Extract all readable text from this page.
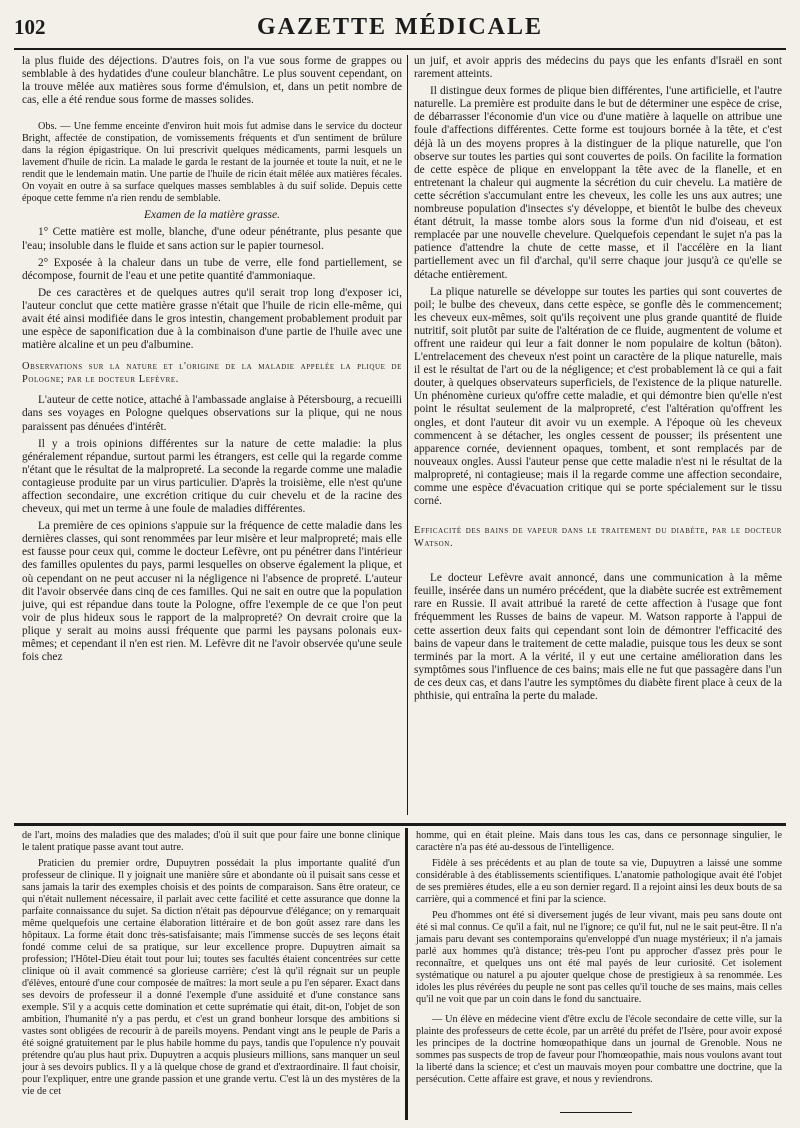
102	GAZETTE MÉDICALE

la plus fluide des déjections. D'autres fois, on l'a vue sous forme de grappes ou semblable à des hydatides d'une couleur blanchâtre. Le plus souvent cependant, on la trouve mêlée aux matières sous forme d'émulsion, et, dans un petit nombre de cas, elle a été rendue sous forme de masses solides.

Obs. — Une femme enceinte d'environ huit mois fut admise dans le service du docteur Bright, affectée de constipation, de vomissements fréquents et d'un sentiment de brûlure dans la région épigastrique. On lui prescrivit quelques médicaments, parmi lesquels un lavement d'huile de ricin. La malade le garda le restant de la journée et toute la nuit, et ne le rendit que le lendemain matin. Une partie de l'huile de ricin était mêlée aux matières fécales. On voyait en outre à sa surface quelques masses semblables à du suif solide. Depuis cette époque cette femme n'a rien rendu de semblable.

Examen de la matière grasse.

1° Cette matière est molle, blanche, d'une odeur pénétrante, plus pesante que l'eau; insoluble dans le fluide et sans action sur le papier tournesol.

2° Exposée à la chaleur dans un tube de verre, elle fond partiellement, se décompose, fournit de l'eau et une petite quantité d'ammoniaque.

De ces caractères et de quelques autres qu'il serait trop long d'exposer ici, l'auteur conclut que cette matière grasse n'était que l'huile de ricin elle-même, qui avait été ainsi modifiée dans le gros intestin, changement probablement produit par une espèce de saponification due à la combinaison d'une partie de l'huile avec une matière alcaline et un peu d'albumine.

Observations sur la nature et l'origine de la maladie appelée la plique de Pologne; par le docteur Lefèvre.

L'auteur de cette notice, attaché à l'ambassade anglaise à Pétersbourg, a recueilli dans ses voyages en Pologne quelques observations sur la plique, qui ne nous paraissent pas dénuées d'intérêt.

Il y a trois opinions différentes sur la nature de cette maladie: la plus généralement répandue, surtout parmi les étrangers, est celle qui la regarde comme n'étant que le résultat de la malpropreté. La seconde la regarde comme une maladie contagieuse produite par un virus particulier. D'après la troisième, elle n'est qu'une affection secondaire, une excrétion critique du cuir chevelu et de la racine des cheveux, qui met un terme à une foule de maladies différentes.

La première de ces opinions s'appuie sur la fréquence de cette maladie dans les dernières classes, qui sont renommées par leur misère et leur malpropreté; mais elle est fausse pour ceux qui, comme le docteur Lefèvre, ont pu pénétrer dans l'intérieur des familles opulentes du pays, parmi lesquelles on observe également la plique, et où cependant on ne peut accuser ni la négligence ni l'absence de propreté. L'auteur dit l'avoir observée dans cinq de ces familles. Qui ne sait en outre que la population juive, qui est répandue dans toute la Pologne, offre l'exemple de ce que l'on peut voir de plus hideux sous le rapport de la malpropreté? On devrait croire que la plique y serait au moins aussi fréquente que parmi les paysans polonais eux-mêmes; et cependant il n'en est rien. M. Lefèvre dit ne l'avoir observée qu'une seule fois chez

un juif, et avoir appris des médecins du pays que les enfants d'Israël en sont rarement atteints.

Il distingue deux formes de plique bien différentes, l'une artificielle, et l'autre naturelle. La première est produite dans le but de déterminer une espèce de crise, de débarrasser l'économie d'un vice ou d'une matière à laquelle on attribue une foule d'affections différentes. Cette forme est toujours bornée à la tête, et c'est déjà là un des moyens propres à la distinguer de la plique naturelle, que l'on observe sur toutes les parties qui sont couvertes de poils. On facilite la formation de cette espèce de plique en enveloppant la tête avec de la flanelle, et en entretenant la chaleur qui augmente la sécrétion du cuir chevelu. La matière de cette sécrétion s'accumulant entre les cheveux, les colle les uns aux autres; une nombreuse population d'insectes s'y développe, et bientôt le bulbe des cheveux étant détruit, la masse tombe alors sous la forme d'un nid d'oiseau, et est remplacée par une nouvelle chevelure. Quelquefois cependant le sujet n'a pas la patience d'attendre la chute de cette masse, et il l'accélère en la liant partiellement avec un fil d'archal, qu'il serre chaque jour jusqu'à ce qu'elle se détache entièrement.

La plique naturelle se développe sur toutes les parties qui sont couvertes de poil; le bulbe des cheveux, dans cette espèce, se gonfle dès le commencement; les cheveux eux-mêmes, soit qu'ils reçoivent une plus grande quantité de fluide nutritif, soit plutôt par suite de l'altération de ce fluide, augmentent de volume et offrent une raideur qui leur a fait donner le nom populaire de koltun (bâton). L'entrelacement des cheveux n'est point un caractère de la plique naturelle, mais il est le résultat de l'art ou de la négligence; et c'est probablement là ce qui a fait douter, à quelques observateurs superficiels, de l'existence de la plique naturelle. Un phénomène curieux qu'offre cette maladie, et qui démontre bien qu'elle n'est point le résultat seulement de la malpropreté, c'est l'altération qu'offrent les ongles, et dont l'auteur dit avoir vu un exemple. A l'époque où les cheveux commencent à se détacher, les ongles cessent de pousser; ils présentent une apparence cornée, deviennent opaques, tombent, et sont remplacés par de nouveaux ongles. Aussi l'auteur pense que cette maladie n'est ni le résultat de la malpropreté, ni contagieuse; mais il la regarde comme une affection secondaire, comme une espèce d'évacuation critique qui se porte spécialement sur le tissu corné.

Efficacité des bains de vapeur dans le traitement du diabète, par le docteur Watson.

Le docteur Lefèvre avait annoncé, dans une communication à la même feuille, insérée dans un numéro précédent, que la diabète sucrée est extrêmement rare en Russie. Il avait attribué la rareté de cette affection à l'usage que font fréquemment les Russes de bains de vapeur. M. Watson rapporte à l'appui de cette assertion deux faits qui cependant sont loin de démontrer l'efficacité des bains de vapeur dans le traitement de cette maladie, puisque tous les deux se sont terminés par la mort. A la vérité, il y eut une certaine amélioration dans les symptômes sous l'influence de ces bains; mais elle ne fut que passagère dans l'un de ces deux cas, et dans l'autre les symptômes du diabète firent place à ceux de la phthisie, qui entraîna la perte du malade.

de l'art, moins des maladies que des malades; d'où il suit que pour faire une bonne clinique le talent pratique passe avant tout autre.

Praticien du premier ordre, Dupuytren possédait la plus importante qualité d'un professeur de clinique. Il y joignait une manière sûre et abondante où il puisait sans cesse et sans jamais la tarir des exemples choisis et des points de comparaison. Sans être orateur, ce qui n'était nullement nécessaire, il parlait avec cette facilité et cette assurance que donne la parfaite connaissance du sujet. Sa diction n'était pas dépourvue d'élégance; on y remarquait même quelquefois une certaine élaboration littéraire et de bon goût assez rare dans les hôpitaux. La forme était donc très-satisfaisante; mais l'immense succès de ses leçons était fondé comme celui de sa pratique, sur leur excellence propre. Dupuytren aimait sa profession; l'Hôtel-Dieu était tout pour lui; toutes ses facultés étaient concentrées sur cette clinique où il avait commencé sa glorieuse carrière; c'est là qu'il régnait sur un peuple d'élèves, entouré d'une cour composée de maîtres: la mort seule a pu l'en séparer. Exact dans ses devoirs de professeur il a donné l'exemple d'une assiduité et d'une constance sans exemple. S'il y a acquis cette domination et cette suprématie qui était, dit-on, l'objet de son ambition, l'humanité n'y a pas perdu, et c'est un grand bonheur lorsque des ambitions si vastes sont obligées de recourir à de pareils moyens. Pendant vingt ans le peuple de Paris a été soigné gratuitement par le plus habile homme du pays, tandis que l'opulence n'y pouvait prétendre qu'au plus haut prix. Dupuytren a acquis plusieurs millions, sans manquer un seul jour à ses devoirs publics. Il y a là quelque chose de grand et d'extraordinaire. Il faut choisir, pour l'expliquer, entre une grande passion et une grande vertu. C'est là un des mystères de la vie de cet

homme, qui en était pleine. Mais dans tous les cas, dans ce personnage singulier, le caractère n'a pas été au-dessous de l'intelligence.

Fidèle à ses précédents et au plan de toute sa vie, Dupuytren a laissé une somme considérable à des établissements scientifiques. L'anatomie pathologique avait été l'objet de ses premières études, elle a eu son dernier regard. Il a rejoint ainsi les deux bouts de sa carrière, qui a commencé et fini par la science.

Peu d'hommes ont été si diversement jugés de leur vivant, mais peu sans doute ont été si mal connus. Ce qu'il a fait, nul ne l'ignore; ce qu'il fut, nul ne le sait peut-être. Il n'a jamais paru devant ses contemporains qu'enveloppé d'un nuage mystérieux; il n'a jamais parlé aux hommes qu'à distance; très-peu l'ont pu approcher d'assez près pour le reconnaître, et quelques uns ont été mal payés de leur curiosité. Cet isolement systématique ou naturel a pu ajouter quelque chose de prestigieux à sa renommée. Les idoles les plus révérées du peuple ne sont pas celles qu'il touche de ses mains, mais celles qu'il ne voit que par un coin dans le fond du sanctuaire.

— Un élève en médecine vient d'être exclu de l'école secondaire de cette ville, sur la plainte des professeurs de cette école, par un arrêté du préfet de l'Isère, pour avoir exposé les principes de la doctrine homœopathique dans un journal de Grenoble. Nous ne sommes pas suspects de trop de faveur pour l'homœopathie, mais nous voulons avant tout la liberté dans la science; et c'est un mauvais moyen pour combattre une doctrine, que la persécution. Cette affaire est grave, et nous y reviendrons.
